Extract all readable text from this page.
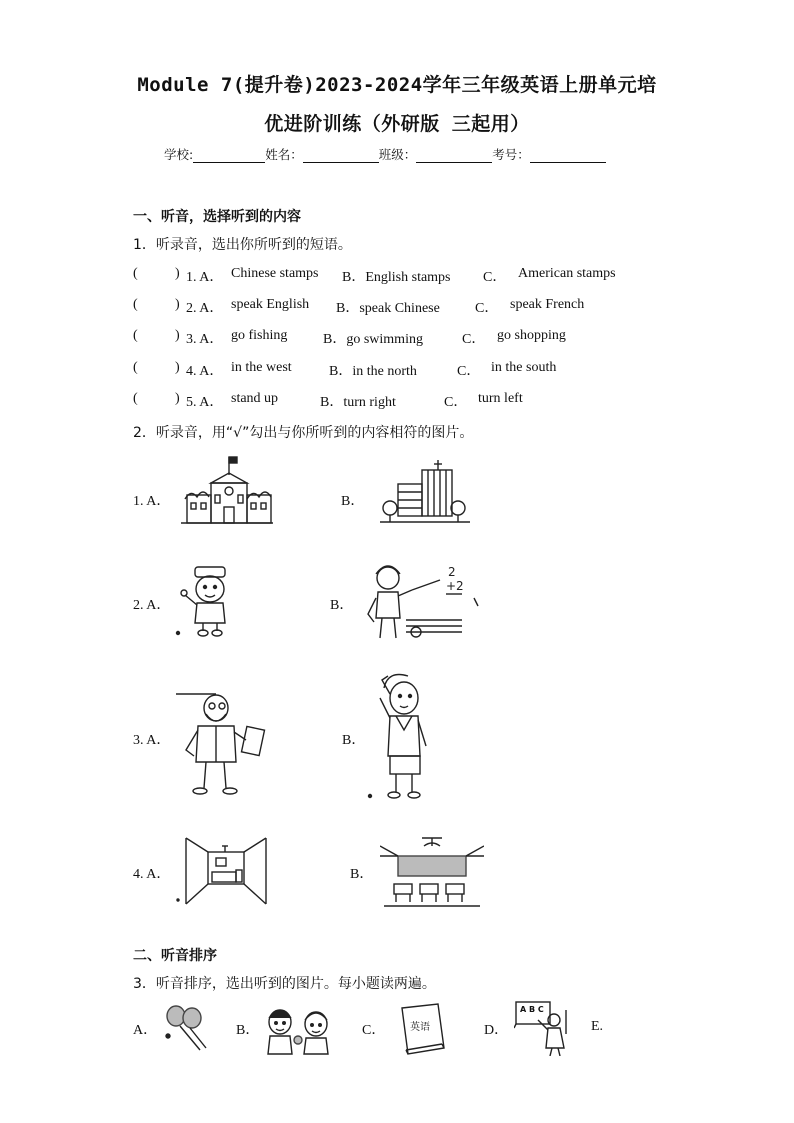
Module 7(提升卷)2023-2024学年三年级英语上册单元培
优进阶训练（外研版 三起用）
学校:	姓名：	班级：	考号：
一、听音，选择听到的内容
1．听录音，选出你所听到的短语。
(	) 1. A． Chinese stamps B．English stamps C． American stamps
(	) 2. A． speak English B．speak Chinese	C． speak French
(	) 3. A． go fishing	B．go swimming	C． go shopping
(	) 4. A． in the west	B．in the north	C． in the south
(	) 5. A． stand up	B．turn right	C． turn left
2．听录音，用“√”勾出与你所听到的内容相符的图片。
1. A．	B．
2. A．	B．
2
+2
3. A．	B．
4. A．	B．
二、听音排序
3．听音排序，选出听到的图片。每小题读两遍。
A．	B．	C． 英语	D．
A B C
E.
